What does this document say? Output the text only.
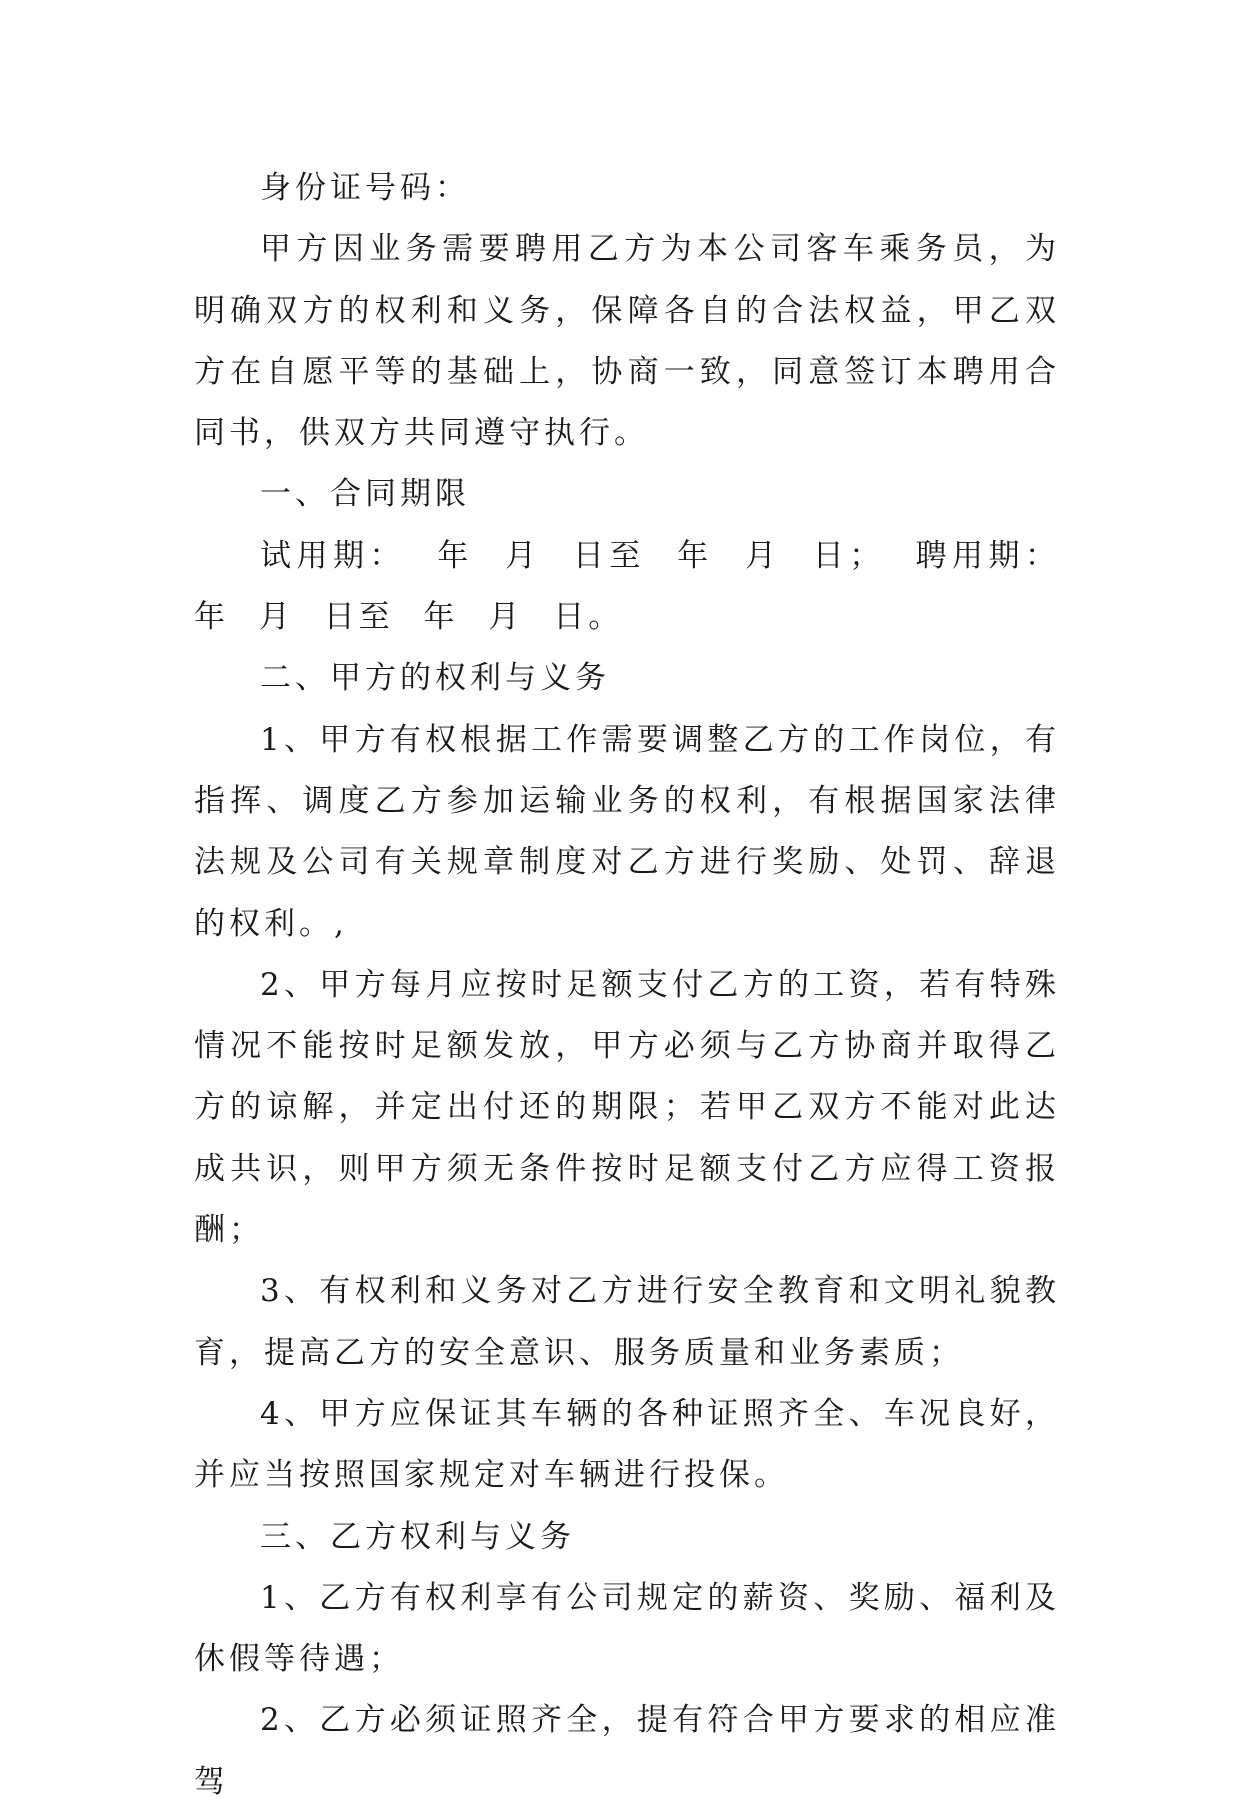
身份证号码：

甲方因业务需要聘用乙方为本公司客车乘务员，为明确双方的权利和义务，保障各自的合法权益，甲乙双方在自愿平等的基础上，协商一致，同意签订本聘用合同书，供双方共同遵守执行。

一、合同期限

试用期： 年 月 日至 年 月 日； 聘用期： 年 月 日至 年 月 日。

二、甲方的权利与义务

1、甲方有权根据工作需要调整乙方的工作岗位，有指挥、调度乙方参加运输业务的权利，有根据国家法律法规及公司有关规章制度对乙方进行奖励、处罚、辞退的权利。,

2、甲方每月应按时足额支付乙方的工资，若有特殊情况不能按时足额发放，甲方必须与乙方协商并取得乙方的谅解，并定出付还的期限；若甲乙双方不能对此达成共识，则甲方须无条件按时足额支付乙方应得工资报酬；

3、有权利和义务对乙方进行安全教育和文明礼貌教育，提高乙方的安全意识、服务质量和业务素质；

4、甲方应保证其车辆的各种证照齐全、车况良好，并应当按照国家规定对车辆进行投保。

三、乙方权利与义务

1、乙方有权利享有公司规定的薪资、奖励、福利及休假等待遇；

2、乙方必须证照齐全，提有符合甲方要求的相应准驾
